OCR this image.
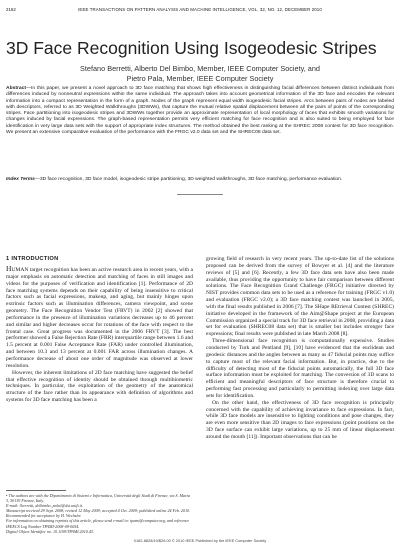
2162	IEEE TRANSACTIONS ON PATTERN ANALYSIS AND MACHINE INTELLIGENCE, VOL. 32, NO. 12, DECEMBER 2010
3D Face Recognition Using Isogeodesic Stripes
Stefano Berretti, Alberto Del Bimbo, Member, IEEE Computer Society, and
Pietro Pala, Member, IEEE Computer Society
Abstract—In this paper, we present a novel approach to 3D face matching that shows high effectiveness in distinguishing facial differences between distinct individuals from differences induced by nonneutral expressions within the same individual. The approach takes into account geometrical information of the 3D face and encodes the relevant information into a compact representation in the form of a graph. Nodes of the graph represent equal width isogeodesic facial stripes. Arcs between pairs of nodes are labeled with descriptors, referred to as 3D Weighted Walkthroughs (3DWWs), that capture the mutual relative spatial displacement between all the pairs of points of the corresponding stripes. Face partitioning into isogeodesic stripes and 3DWWs together provide an approximate representation of local morphology of faces that exhibits smooth variations for changes induced by facial expressions. The graph-based representation permits very efficient matching for face recognition and is also suited to being employed for face identification in very large data sets with the support of appropriate index structures. The method obtained the best ranking at the SHREC 2008 contest for 3D face recognition. We present an extensive comparative evaluation of the performance with the FRGC v2.0 data set and the SHREC08 data set.
Index Terms—3D face recognition, 3D face model, isogeodesic stripe partitioning, 3D weighted walkthroughs, 3D face matching, performance evaluation.
1 INTRODUCTION

HUMAN target recognition has been an active research area in recent years, with a major emphasis on automatic detection and matching of faces in still images and videos for the purposes of verification and identification [1]. Performance of 2D face matching systems depends on their capability of being insensitive to critical factors such as facial expressions, makeup, and aging, but mainly hinges upon extrinsic factors such as illumination differences, camera viewpoint, and scene geometry. The Face Recognition Vendor Test (FRVT) in 2002 [2] showed that performance in the presence of illumination variations decreases up to 46 percent and similar and higher decreases occur for rotations of the face with respect to the frontal case. Great progress was documented in the 2006 FRVT [3]. The best performer showed a False Rejection Rate (FRR) interquartile range between 1.6 and 1.5 percent at 0.001 False Acceptance Rate (FAR) under controlled illumination, and between 10.3 and 13 percent at 0.001 FAR across illumination changes. A performance decrease of about one order of magnitude was observed at lower resolution.

However, the inherent limitations of 2D face matching have suggested the belief that effective recognition of identity should be obtained through multibiometric techniques. In particular, the exploitation of the geometry of the anatomical structure of the face rather than its appearance with definition of algorithms and systems for 3D face matching has been a

• The authors are with the Dipartimento di Sistemi e Informatica, Università degli Studi di Firenze, via S. Marta 3, 50139 Firenze, Italy.
E-mail: {berretti, delbimbo, pala}@dsi.unifi.it.
Manuscript received 29 Sept. 2008; revised 12 May 2009; accepted 4 Oct. 2009; published online 24 Feb. 2010.
Recommended for acceptance by H. Wechsler.
For information on obtaining reprints of this article, please send e-mail to: tpami@computer.org, and reference IEEECS Log Number TPAMI-2008-09-0654.
Digital Object Identifier no. 10.1109/TPAMI.2010.43.

growing field of research in very recent years. The up-to-date list of the solutions proposed can be derived from the survey of Bowyer et al. [4] and the literature reviews of [5] and [6]. Recently, a few 3D face data sets have also been made available, thus providing the opportunity to have fair comparison between different solutions. The Face Recognition Grand Challenge (FRGC) initiative directed by NIST provides common data sets to be used as a reference for training (FRGC v1.0) and evaluation (FRGC v2.0); a 3D face matching contest was launched in 2005, with the final results published in 2006 [7]. The SHape REtrieval Contest (SHREC) initiative developed in the framework of the Aim@Shape project at the European Commission organized a special track for 3D face retrieval in 2008, providing a data set for evaluation (SHREC08 data set) that is smaller but includes stronger face expressions; final results were published in late March 2008 [8].

Three-dimensional face recognition is computationally expensive. Studies conducted by Turk and Pentland [9], [10] have evidenced that the euclidean and geodesic distances and the angles between as many as 47 fiducial points may suffice to capture most of the relevant facial information. But, in practice, due to the difficulty of detecting most of the fiducial points automatically, the full 3D face surface information must be exploited for matching. The conversion of 3D scans to efficient and meaningful descriptors of face structure is therefore crucial to performing fast processing and particularly to permitting indexing over large data sets for identification.

On the other hand, the effectiveness of 3D face recognition is principally concerned with the capability of achieving invariance to face expressions. In fact, while 3D face models are insensitive to lighting conditions and pose changes, they are even more sensitive than 2D images to face expressions (point positions on the 3D face surface can exhibit large variations, up to 25 mm of linear displacement around the mouth [11]). Important observations that can be

0162-8828/10/$26.00 © 2010 IEEE Published by the IEEE Computer Society
